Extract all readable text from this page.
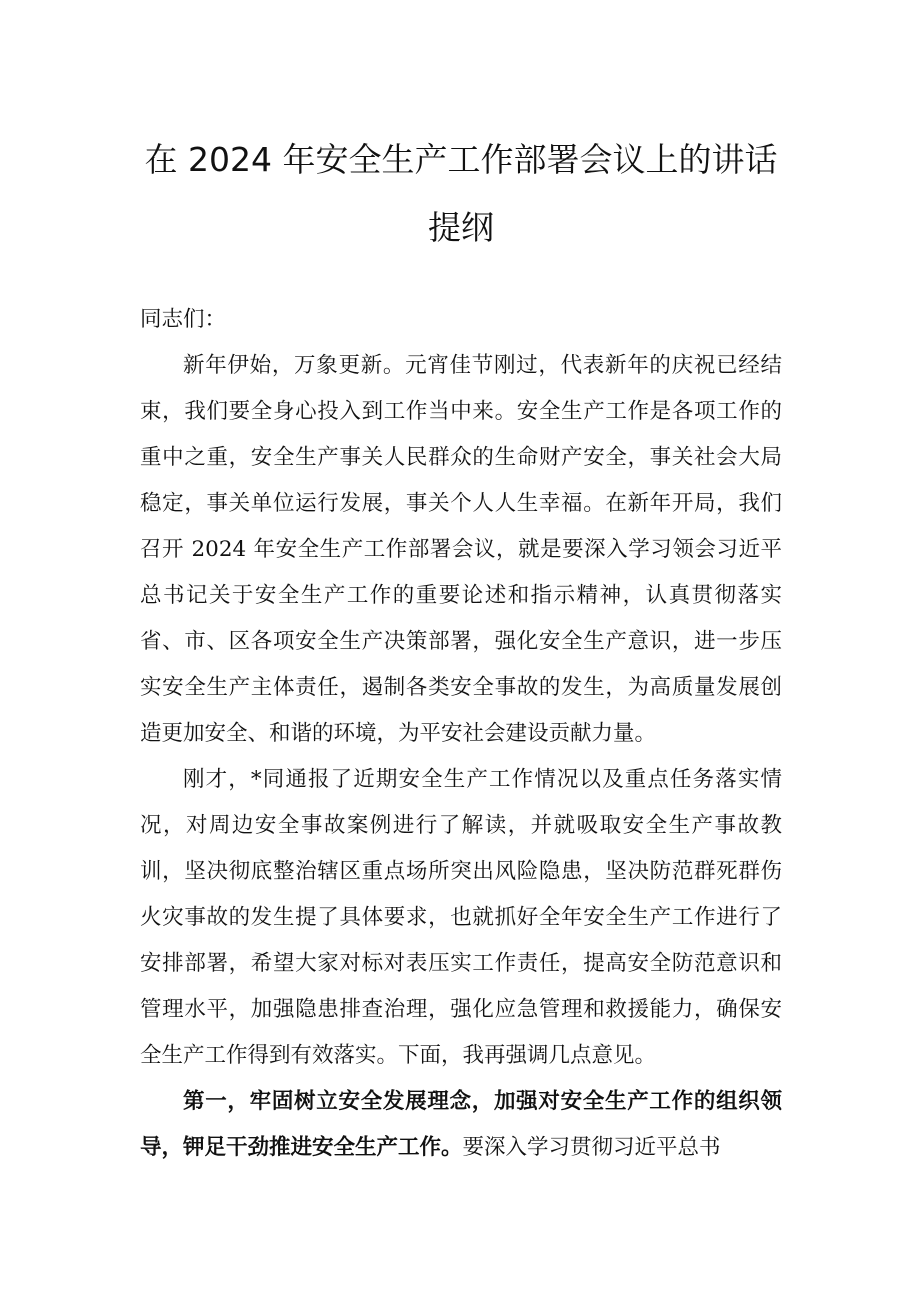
在 2024 年安全生产工作部署会议上的讲话
提纲

同志们：

新年伊始，万象更新。元宵佳节刚过，代表新年的庆祝已经结束，我们要全身心投入到工作当中来。安全生产工作是各项工作的重中之重，安全生产事关人民群众的生命财产安全，事关社会大局稳定，事关单位运行发展，事关个人人生幸福。在新年开局，我们召开 2024 年安全生产工作部署会议，就是要深入学习领会习近平总书记关于安全生产工作的重要论述和指示精神，认真贯彻落实省、市、区各项安全生产决策部署，强化安全生产意识，进一步压实安全生产主体责任，遏制各类安全事故的发生，为高质量发展创造更加安全、和谐的环境，为平安社会建设贡献力量。

刚才，*同通报了近期安全生产工作情况以及重点任务落实情况，对周边安全事故案例进行了解读，并就吸取安全生产事故教训，坚决彻底整治辖区重点场所突出风险隐患，坚决防范群死群伤火灾事故的发生提了具体要求，也就抓好全年安全生产工作进行了安排部署，希望大家对标对表压实工作责任，提高安全防范意识和管理水平，加强隐患排查治理，强化应急管理和救援能力，确保安全生产工作得到有效落实。下面，我再强调几点意见。

第一，牢固树立安全发展理念，加强对安全生产工作的组织领导，钾足干劲推进安全生产工作。要深入学习贯彻习近平总书
